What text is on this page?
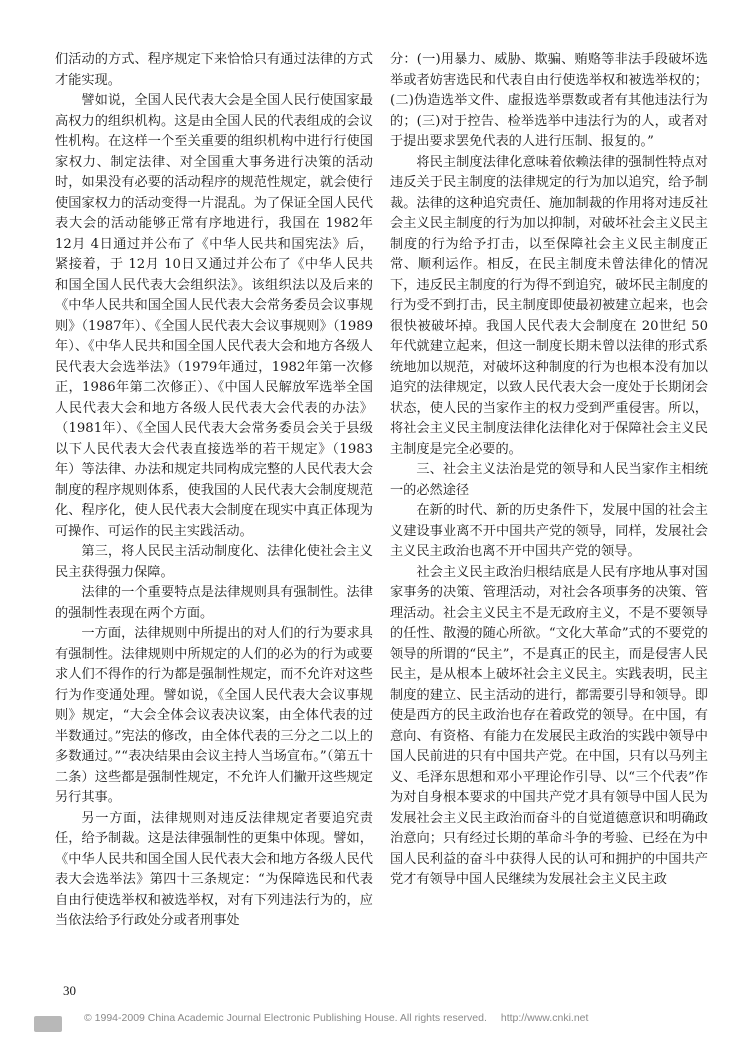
们活动的方式、程序规定下来恰恰只有通过法律的方式才能实现。

譬如说，全国人民代表大会是全国人民行使国家最高权力的组织机构。这是由全国人民的代表组成的会议性机构。在这样一个至关重要的组织机构中进行行使国家权力、制定法律、对全国重大事务进行决策的活动时，如果没有必要的活动程序的规范性规定，就会使行使国家权力的活动变得一片混乱。为了保证全国人民代表大会的活动能够正常有序地进行，我国在 1982年 12月 4日通过并公布了《中华人民共和国宪法》后，紧接着，于 12月 10日又通过并公布了《中华人民共和国全国人民代表大会组织法》。该组织法以及后来的《中华人民共和国全国人民代表大会常务委员会议事规则》（1987年）、《全国人民代表大会议事规则》（1989年）、《中华人民共和国全国人民代表大会和地方各级人民代表大会选举法》（1979年通过，1982年第一次修正，1986年第二次修正）、《中国人民解放军选举全国人民代表大会和地方各级人民代表大会代表的办法》（1981年）、《全国人民代表大会常务委员会关于县级以下人民代表大会代表直接选举的若干规定》（1983年）等法律、办法和规定共同构成完整的人民代表大会制度的程序规则体系，使我国的人民代表大会制度规范化、程序化，使人民代表大会制度在现实中真正体现为可操作、可运作的民主实践活动。

第三，将人民民主活动制度化、法律化使社会主义民主获得强力保障。

法律的一个重要特点是法律规则具有强制性。法律的强制性表现在两个方面。

一方面，法律规则中所提出的对人们的行为要求具有强制性。法律规则中所规定的人们的必为的行为或要求人们不得作的行为都是强制性规定，而不允许对这些行为作变通处理。譬如说，《全国人民代表大会议事规则》规定，“大会全体会议表决议案，由全体代表的过半数通过。”宪法的修改，由全体代表的三分之二以上的多数通过。”“表决结果由会议主持人当场宣布。”（第五十二条）这些都是强制性规定，不允许人们撇开这些规定另行其事。

另一方面，法律规则对违反法律规定者要追究责任，给予制裁。这是法律强制性的更集中体现。譬如，《中华人民共和国全国人民代表大会和地方各级人民代表大会选举法》第四十三条规定：“为保障选民和代表自由行使选举权和被选举权，对有下列违法行为的，应当依法给予行政处分或者刑事处

分：(一)用暴力、威胁、欺骗、贿赂等非法手段破坏选举或者妨害选民和代表自由行使选举权和被选举权的；(二)伪造选举文件、虚报选举票数或者有其他违法行为的；(三)对于控告、检举选举中违法行为的人，或者对于提出要求罢免代表的人进行压制、报复的。”

将民主制度法律化意味着依赖法律的强制性特点对违反关于民主制度的法律规定的行为加以追究，给予制裁。法律的这种追究责任、施加制裁的作用将对违反社会主义民主制度的行为加以抑制，对破坏社会主义民主制度的行为给予打击，以至保障社会主义民主制度正常、顺利运作。相反，在民主制度未曾法律化的情况下，违反民主制度的行为得不到追究，破坏民主制度的行为受不到打击，民主制度即使最初被建立起来，也会很快被破坏掉。我国人民代表大会制度在 20世纪 50年代就建立起来，但这一制度长期未曾以法律的形式系统地加以规范，对破坏这种制度的行为也根本没有加以追究的法律规定，以致人民代表大会一度处于长期闭会状态，使人民的当家作主的权力受到严重侵害。所以，将社会主义民主制度法律化法律化对于保障社会主义民主制度是完全必要的。

三、社会主义法治是党的领导和人民当家作主相统一的必然途径

在新的时代、新的历史条件下，发展中国的社会主义建设事业离不开中国共产党的领导，同样，发展社会主义民主政治也离不开中国共产党的领导。

社会主义民主政治归根结底是人民有序地从事对国家事务的决策、管理活动，对社会各项事务的决策、管理活动。社会主义民主不是无政府主义，不是不要领导的任性、散漫的随心所欲。“文化大革命”式的不要党的领导的所谓的“民主”，不是真正的民主，而是侵害人民民主，是从根本上破坏社会主义民主。实践表明，民主制度的建立、民主活动的进行，都需要引导和领导。即使是西方的民主政治也存在着政党的领导。在中国，有意向、有资格、有能力在发展民主政治的实践中领导中国人民前进的只有中国共产党。在中国，只有以马列主义、毛泽东思想和邓小平理论作引导、以“三个代表”作为对自身根本要求的中国共产党才具有领导中国人民为发展社会主义民主政治而奋斗的自觉道德意识和明确政治意向；只有经过长期的革命斗争的考验、已经在为中国人民利益的奋斗中获得人民的认可和拥护的中国共产党才有领导中国人民继续为发展社会主义民主政

30
© 1994-2009 China Academic Journal Electronic Publishing House. All rights reserved. http://www.cnki.net
